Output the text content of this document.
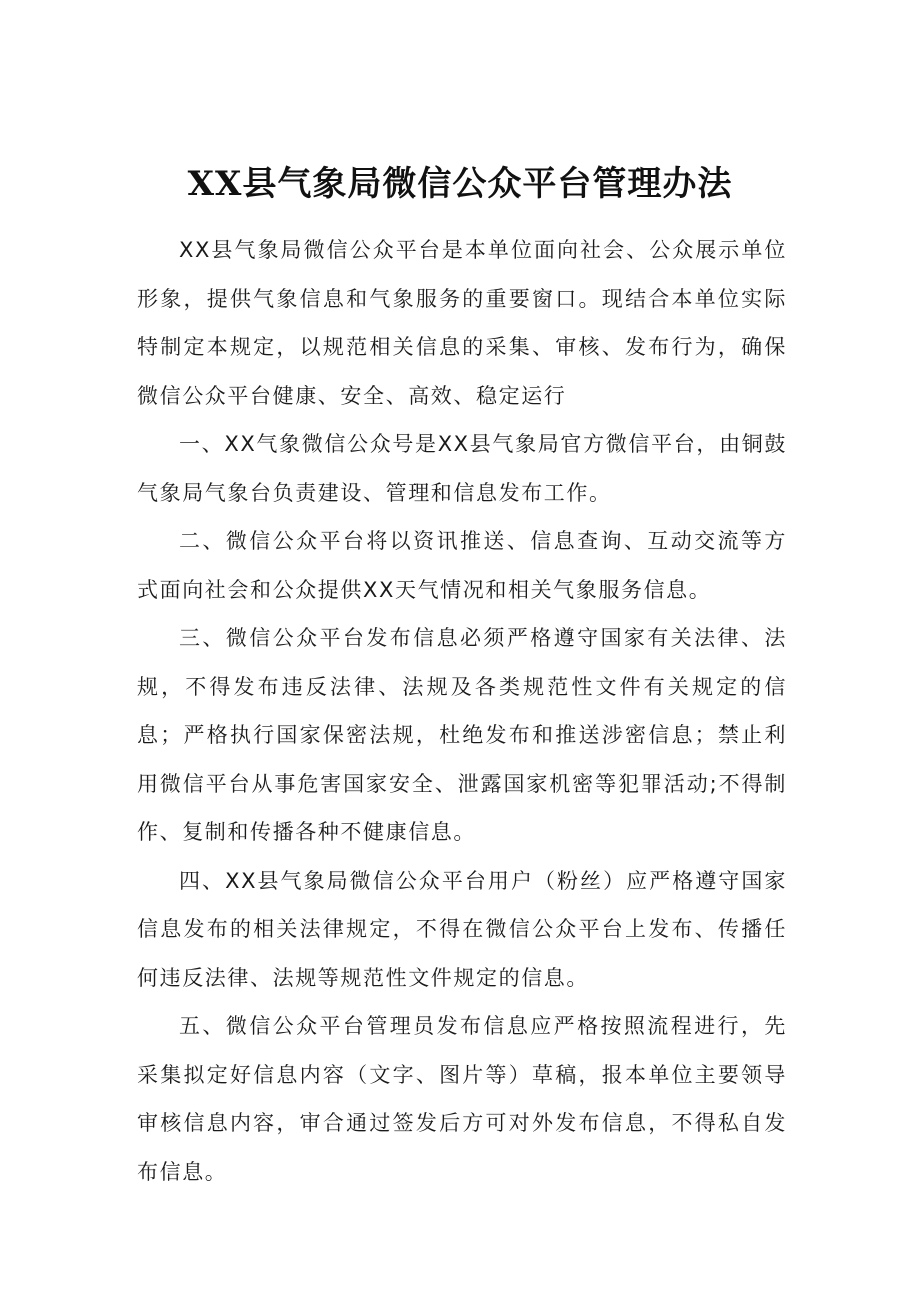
XX县气象局微信公众平台管理办法

XX县气象局微信公众平台是本单位面向社会、公众展示单位形象，提供气象信息和气象服务的重要窗口。现结合本单位实际特制定本规定，以规范相关信息的采集、审核、发布行为，确保微信公众平台健康、安全、高效、稳定运行

一、XX气象微信公众号是XX县气象局官方微信平台，由铜鼓气象局气象台负责建设、管理和信息发布工作。

二、微信公众平台将以资讯推送、信息查询、互动交流等方式面向社会和公众提供XX天气情况和相关气象服务信息。

三、微信公众平台发布信息必须严格遵守国家有关法律、法规，不得发布违反法律、法规及各类规范性文件有关规定的信息；严格执行国家保密法规，杜绝发布和推送涉密信息；禁止利用微信平台从事危害国家安全、泄露国家机密等犯罪活动;不得制作、复制和传播各种不健康信息。

四、XX县气象局微信公众平台用户（粉丝）应严格遵守国家信息发布的相关法律规定，不得在微信公众平台上发布、传播任何违反法律、法规等规范性文件规定的信息。

五、微信公众平台管理员发布信息应严格按照流程进行，先采集拟定好信息内容（文字、图片等）草稿，报本单位主要领导审核信息内容，审合通过签发后方可对外发布信息，不得私自发布信息。
